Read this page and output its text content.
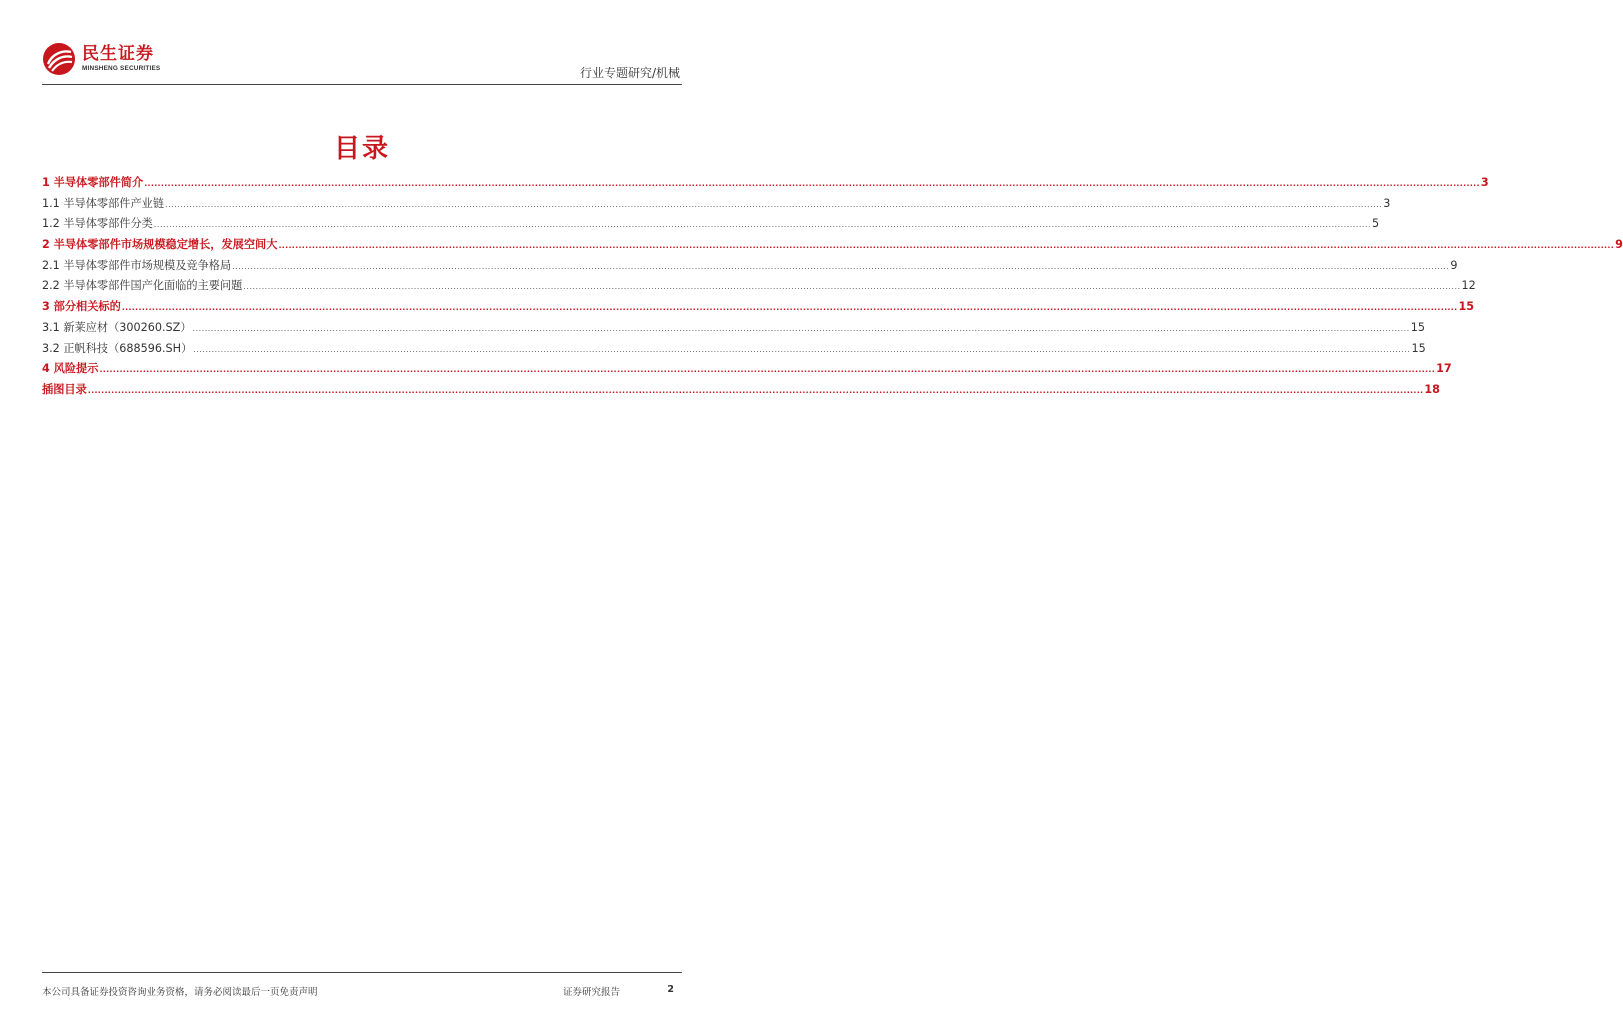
民生证券
MINSHENG SECURITIES	行业专题研究/机械
目录
1 半导体零部件简介 ................................................................................................................................................................................................................................................................................................................................................................................................................ 3
1.1 半导体零部件产业链 ................................................................................................................................................................................................................................................................................................................................................................................................................ 3
1.2 半导体零部件分类 ................................................................................................................................................................................................................................................................................................................................................................................................................ 5
2 半导体零部件市场规模稳定增长，发展空间大 ................................................................................................................................................................................................................................................................................................................................................................................................................ 9
2.1 半导体零部件市场规模及竞争格局 ................................................................................................................................................................................................................................................................................................................................................................................................................ 9
2.2 半导体零部件国产化面临的主要问题 ................................................................................................................................................................................................................................................................................................................................................................................................................ 12
3 部分相关标的 ................................................................................................................................................................................................................................................................................................................................................................................................................ 15
3.1 新莱应材（300260.SZ） ................................................................................................................................................................................................................................................................................................................................................................................................................ 15
3.2 正帆科技（688596.SH） ................................................................................................................................................................................................................................................................................................................................................................................................................ 15
4 风险提示 ................................................................................................................................................................................................................................................................................................................................................................................................................ 17
插图目录 ................................................................................................................................................................................................................................................................................................................................................................................................................ 18
本公司具备证券投资咨询业务资格，请务必阅读最后一页免责声明	证券研究报告	2
